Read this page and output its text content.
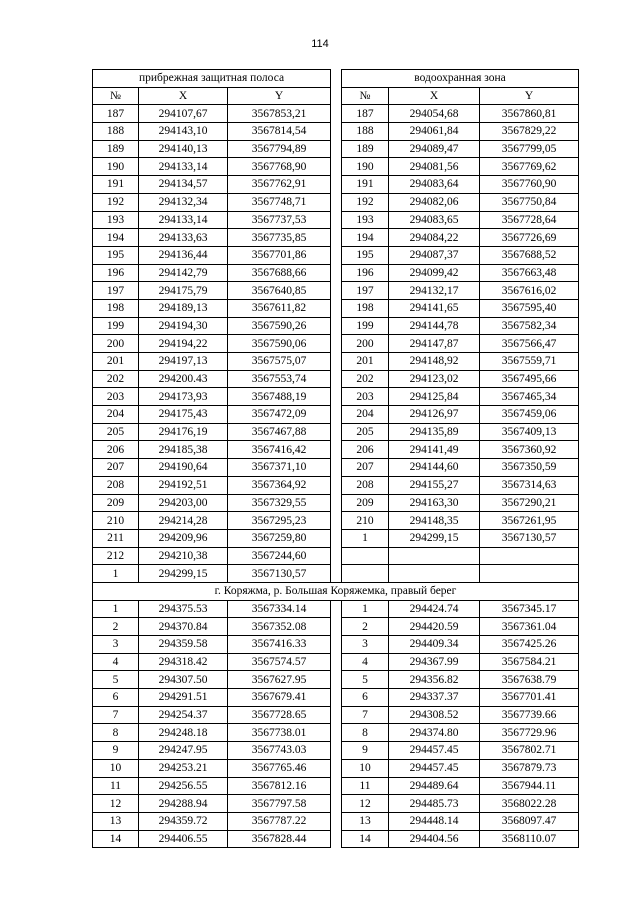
114
прибрежная защитная полоса				водоохранная зона		
№	X	Y		№	X	Y
187	294107,67	3567853,21		187	294054,68	3567860,81
188	294143,10	3567814,54		188	294061,84	3567829,22
189	294140,13	3567794,89		189	294089,47	3567799,05
190	294133,14	3567768,90		190	294081,56	3567769,62
191	294134,57	3567762,91		191	294083,64	3567760,90
192	294132,34	3567748,71		192	294082,06	3567750,84
193	294133,14	3567737,53		193	294083,65	3567728,64
194	294133,63	3567735,85		194	294084,22	3567726,69
195	294136,44	3567701,86		195	294087,37	3567688,52
196	294142,79	3567688,66		196	294099,42	3567663,48
197	294175,79	3567640,85		197	294132,17	3567616,02
198	294189,13	3567611,82		198	294141,65	3567595,40
199	294194,30	3567590,26		199	294144,78	3567582,34
200	294194,22	3567590,06		200	294147,87	3567566,47
201	294197,13	3567575,07		201	294148,92	3567559,71
202	294200.43	3567553,74		202	294123,02	3567495,66
203	294173,93	3567488,19		203	294125,84	3567465,34
204	294175,43	3567472,09		204	294126,97	3567459,06
205	294176,19	3567467,88		205	294135,89	3567409,13
206	294185,38	3567416,42		206	294141,49	3567360,92
207	294190,64	3567371,10		207	294144,60	3567350,59
208	294192,51	3567364,92		208	294155,27	3567314,63
209	294203,00	3567329,55		209	294163,30	3567290,21
210	294214,28	3567295,23		210	294148,35	3567261,95
211	294209,96	3567259,80		1	294299,15	3567130,57
212	294210,38	3567244,60				
1	294299,15	3567130,57				
г. Коряжма, р. Большая Коряжемка, правый берег						
1	294375.53	3567334.14		1	294424.74	3567345.17
2	294370.84	3567352.08		2	294420.59	3567361.04
3	294359.58	3567416.33		3	294409.34	3567425.26
4	294318.42	3567574.57		4	294367.99	3567584.21
5	294307.50	3567627.95		5	294356.82	3567638.79
6	294291.51	3567679.41		6	294337.37	3567701.41
7	294254.37	3567728.65		7	294308.52	3567739.66
8	294248.18	3567738.01		8	294374.80	3567729.96
9	294247.95	3567743.03		9	294457.45	3567802.71
10	294253.21	3567765.46		10	294457.45	3567879.73
11	294256.55	3567812.16		11	294489.64	3567944.11
12	294288.94	3567797.58		12	294485.73	3568022.28
13	294359.72	3567787.22		13	294448.14	3568097.47
14	294406.55	3567828.44		14	294404.56	3568110.07
